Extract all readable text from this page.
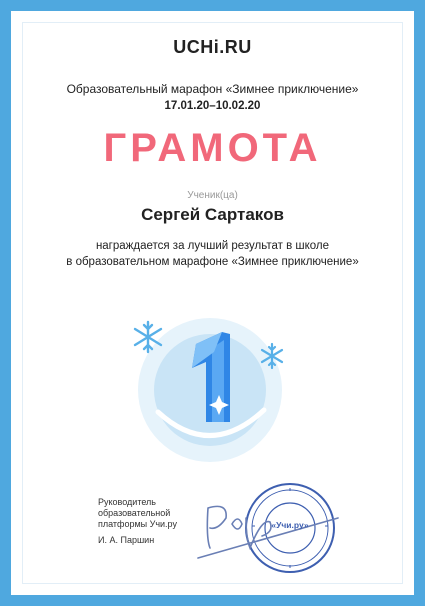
UCHi.RU
Образовательный марафон «Зимнее приключение»
17.01.20–10.02.20
ГРАМОТА
Ученик(ца)
Сергей Сартаков
награждается за лучший результат в школе
в образовательном марафоне «Зимнее приключение»
Руководитель
образовательной
платформы Учи.ру
И. А. Паршин
«Учи.ру»
